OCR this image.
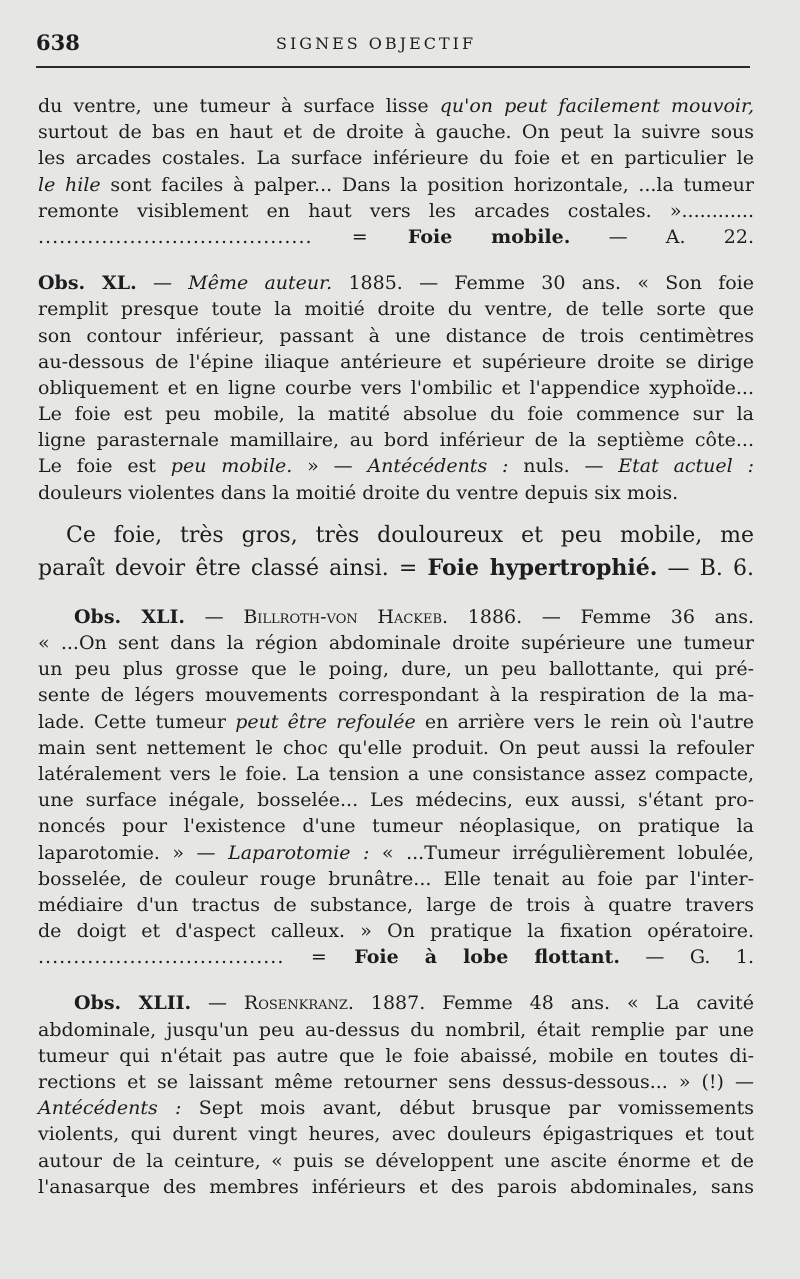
638	SIGNES OBJECTIF
du ventre, une tumeur à surface lisse qu'on peut facilement mouvoir,
surtout de bas en haut et de droite à gauche. On peut la suivre sous
les arcades costales. La surface inférieure du foie et en particulier le
le hile sont faciles à palper... Dans la position horizontale, ...la tumeur
remonte visiblement en haut vers les arcades costales. »............
....................................... = Foie mobile. — A. 22.
Obs. XL. — Même auteur. 1885. — Femme 30 ans. « Son foie
remplit presque toute la moitié droite du ventre, de telle sorte que
son contour inférieur, passant à une distance de trois centimètres
au-dessous de l'épine iliaque antérieure et supérieure droite se dirige
obliquement et en ligne courbe vers l'ombilic et l'appendice xyphoïde...
Le foie est peu mobile, la matité absolue du foie commence sur la
ligne parasternale mamillaire, au bord inférieur de la septième côte...
Le foie est peu mobile. » — Antécédents : nuls. — Etat actuel :
douleurs violentes dans la moitié droite du ventre depuis six mois.
Ce foie, très gros, très douloureux et peu mobile, me
paraît devoir être classé ainsi. = Foie hypertrophié. — B. 6.
Obs. XLI. — Billroth-von Hackeb. 1886. — Femme 36 ans.
« ...On sent dans la région abdominale droite supérieure une tumeur
un peu plus grosse que le poing, dure, un peu ballottante, qui pré-
sente de légers mouvements correspondant à la respiration de la ma-
lade. Cette tumeur peut être refoulée en arrière vers le rein où l'autre
main sent nettement le choc qu'elle produit. On peut aussi la refouler
latéralement vers le foie. La tension a une consistance assez compacte,
une surface inégale, bosselée... Les médecins, eux aussi, s'étant pro-
noncés pour l'existence d'une tumeur néoplasique, on pratique la
laparotomie. » — Laparotomie : « ...Tumeur irrégulièrement lobulée,
bosselée, de couleur rouge brunâtre... Elle tenait au foie par l'inter-
médiaire d'un tractus de substance, large de trois à quatre travers
de doigt et d'aspect calleux. » On pratique la fixation opératoire.
................................... = Foie à lobe flottant. — G. 1.
Obs. XLII. — Rosenkranz. 1887. Femme 48 ans. « La cavité
abdominale, jusqu'un peu au-dessus du nombril, était remplie par une
tumeur qui n'était pas autre que le foie abaissé, mobile en toutes di-
rections et se laissant même retourner sens dessus-dessous... » (!) —
Antécédents : Sept mois avant, début brusque par vomissements
violents, qui durent vingt heures, avec douleurs épigastriques et tout
autour de la ceinture, « puis se développent une ascite énorme et de
l'anasarque des membres inférieurs et des parois abdominales, sans
